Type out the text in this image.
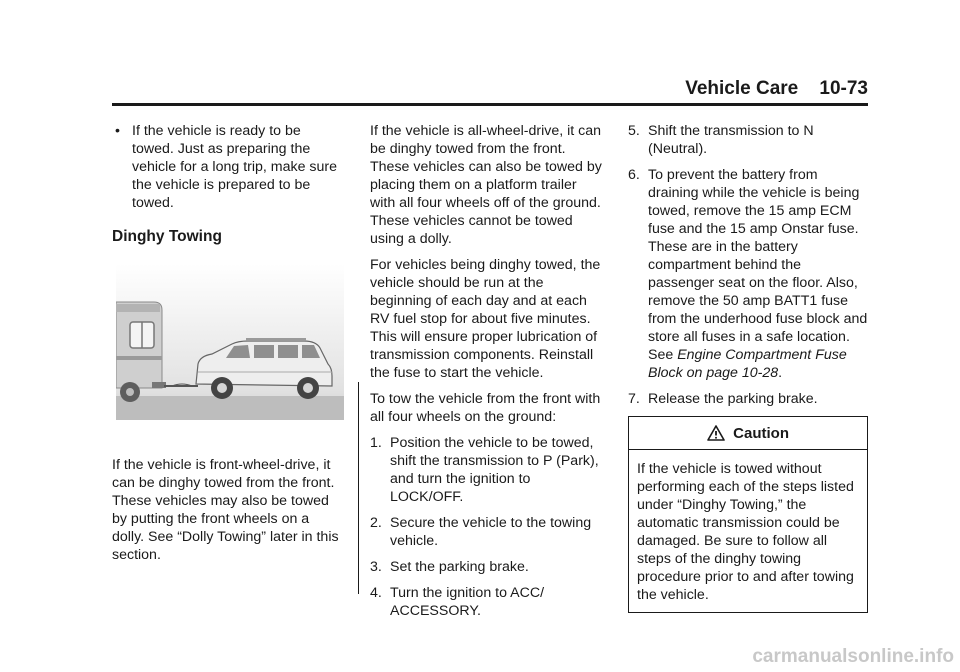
Vehicle Care 10-73
• If the vehicle is ready to be towed. Just as preparing the vehicle for a long trip, make sure the vehicle is prepared to be towed.
Dinghy Towing

If the vehicle is front-wheel-drive, it can be dinghy towed from the front. These vehicles may also be towed by putting the front wheels on a dolly. See “Dolly Towing” later in this section.

If the vehicle is all-wheel-drive, it can be dinghy towed from the front. These vehicles can also be towed by placing them on a platform trailer with all four wheels off of the ground. These vehicles cannot be towed using a dolly.

For vehicles being dinghy towed, the vehicle should be run at the beginning of each day and at each RV fuel stop for about five minutes. This will ensure proper lubrication of transmission components. Reinstall the fuse to start the vehicle.

To tow the vehicle from the front with all four wheels on the ground:

1. Position the vehicle to be towed, shift the transmission to P (Park), and turn the ignition to LOCK/OFF.
2. Secure the vehicle to the towing vehicle.
3. Set the parking brake.
4. Turn the ignition to ACC/ ACCESSORY.
5. Shift the transmission to N (Neutral).
6. To prevent the battery from draining while the vehicle is being towed, remove the 15 amp ECM fuse and the 15 amp Onstar fuse. These are in the battery compartment behind the passenger seat on the floor. Also, remove the 50 amp BATT1 fuse from the underhood fuse block and store all fuses in a safe location. See Engine Compartment Fuse Block on page 10-28.
7. Release the parking brake.
Caution
If the vehicle is towed without performing each of the steps listed under “Dinghy Towing,” the automatic transmission could be damaged. Be sure to follow all steps of the dinghy towing procedure prior to and after towing the vehicle.
carmanualsonline.info
